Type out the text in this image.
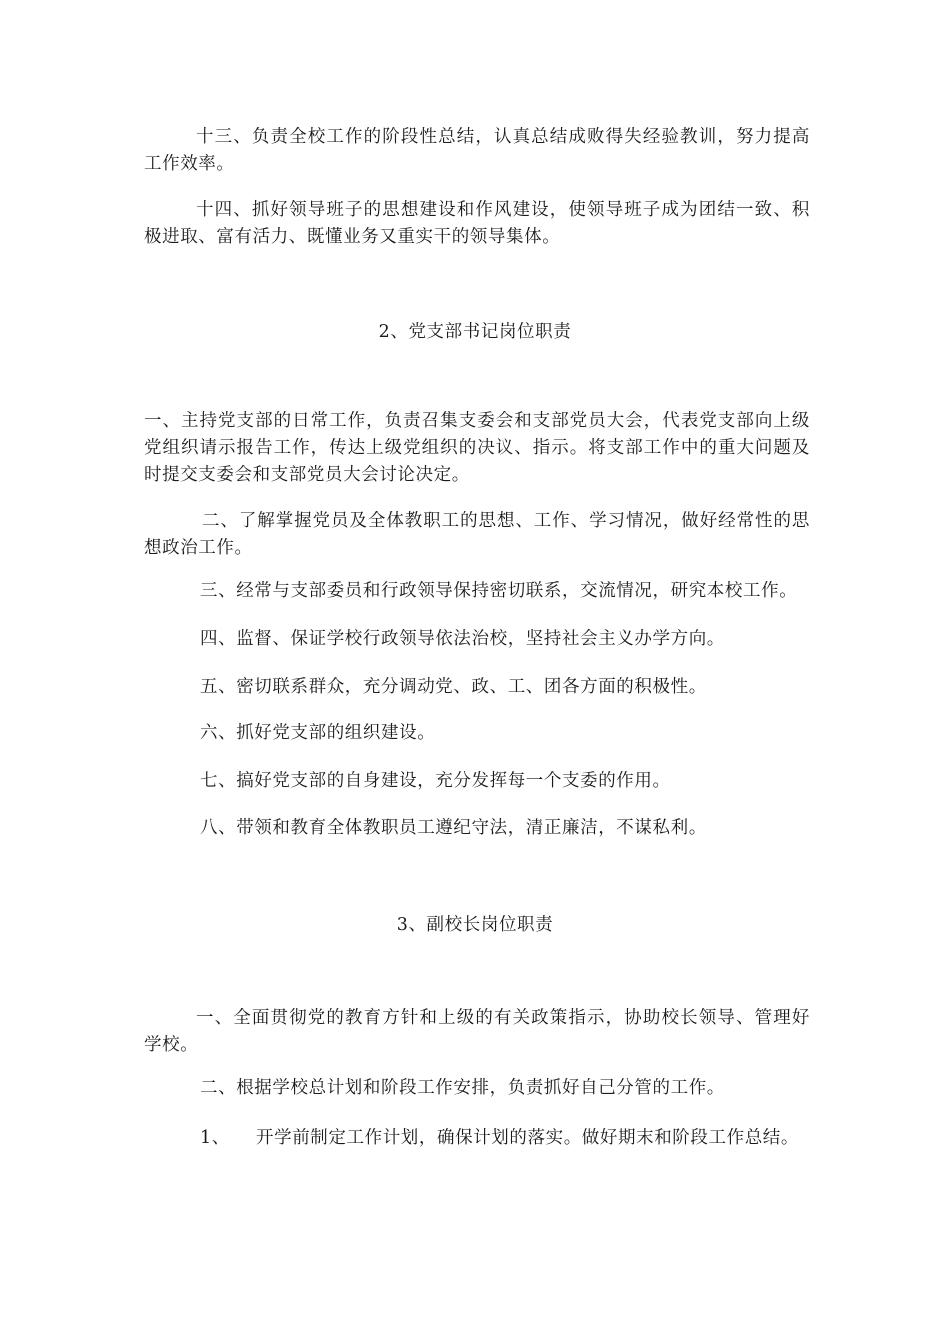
十三、负责全校工作的阶段性总结，认真总结成败得失经验教训，努力提高工作效率。

十四、抓好领导班子的思想建设和作风建设，使领导班子成为团结一致、积极进取、富有活力、既懂业务又重实干的领导集体。

2、党支部书记岗位职责

一、主持党支部的日常工作，负责召集支委会和支部党员大会，代表党支部向上级党组织请示报告工作，传达上级党组织的决议、指示。将支部工作中的重大问题及时提交支委会和支部党员大会讨论决定。

二、了解掌握党员及全体教职工的思想、工作、学习情况，做好经常性的思想政治工作。

三、经常与支部委员和行政领导保持密切联系，交流情况，研究本校工作。

四、监督、保证学校行政领导依法治校，坚持社会主义办学方向。

五、密切联系群众，充分调动党、政、工、团各方面的积极性。

六、抓好党支部的组织建设。

七、搞好党支部的自身建设，充分发挥每一个支委的作用。

八、带领和教育全体教职员工遵纪守法，清正廉洁，不谋私利。

3、副校长岗位职责

一、全面贯彻党的教育方针和上级的有关政策指示，协助校长领导、管理好学校。

二、根据学校总计划和阶段工作安排，负责抓好自己分管的工作。

1、 开学前制定工作计划，确保计划的落实。做好期末和阶段工作总结。
